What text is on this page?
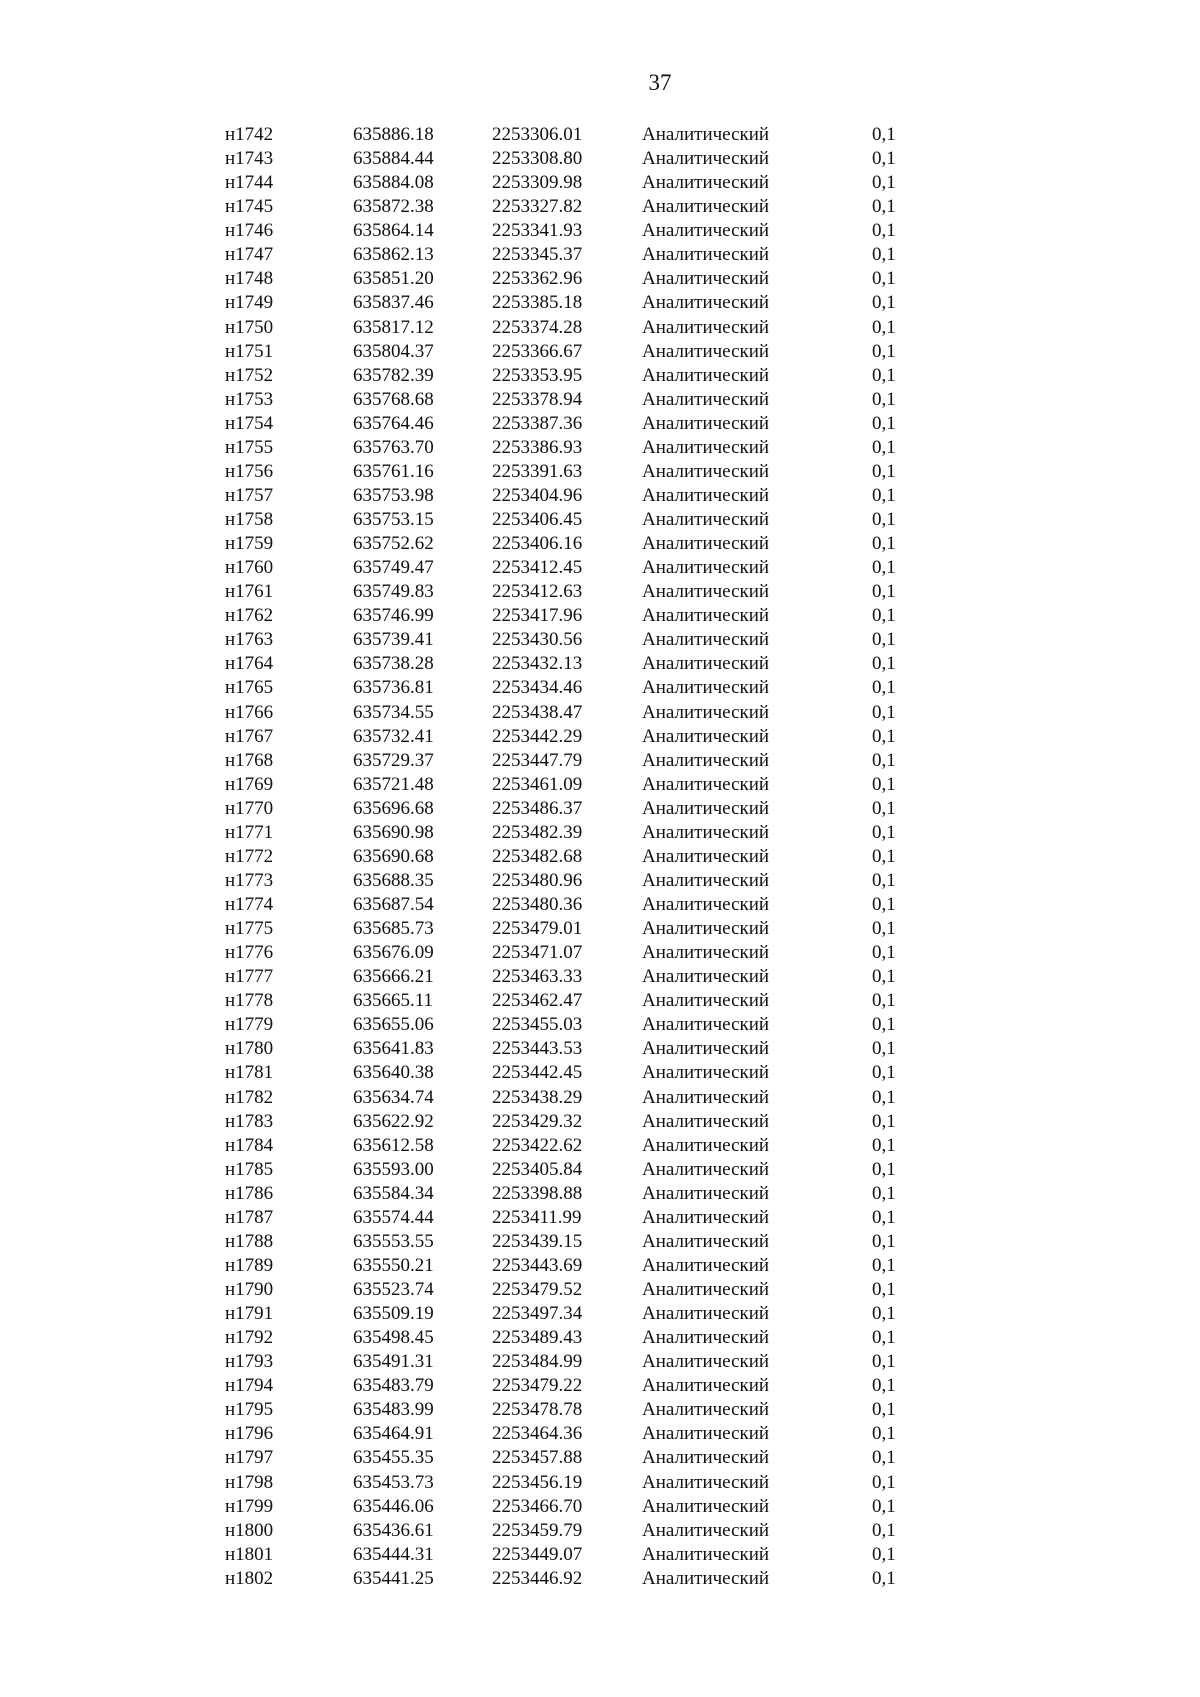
37
н1742	635886.18	2253306.01	Аналитический	0,1
н1743	635884.44	2253308.80	Аналитический	0,1
н1744	635884.08	2253309.98	Аналитический	0,1
н1745	635872.38	2253327.82	Аналитический	0,1
н1746	635864.14	2253341.93	Аналитический	0,1
н1747	635862.13	2253345.37	Аналитический	0,1
н1748	635851.20	2253362.96	Аналитический	0,1
н1749	635837.46	2253385.18	Аналитический	0,1
н1750	635817.12	2253374.28	Аналитический	0,1
н1751	635804.37	2253366.67	Аналитический	0,1
н1752	635782.39	2253353.95	Аналитический	0,1
н1753	635768.68	2253378.94	Аналитический	0,1
н1754	635764.46	2253387.36	Аналитический	0,1
н1755	635763.70	2253386.93	Аналитический	0,1
н1756	635761.16	2253391.63	Аналитический	0,1
н1757	635753.98	2253404.96	Аналитический	0,1
н1758	635753.15	2253406.45	Аналитический	0,1
н1759	635752.62	2253406.16	Аналитический	0,1
н1760	635749.47	2253412.45	Аналитический	0,1
н1761	635749.83	2253412.63	Аналитический	0,1
н1762	635746.99	2253417.96	Аналитический	0,1
н1763	635739.41	2253430.56	Аналитический	0,1
н1764	635738.28	2253432.13	Аналитический	0,1
н1765	635736.81	2253434.46	Аналитический	0,1
н1766	635734.55	2253438.47	Аналитический	0,1
н1767	635732.41	2253442.29	Аналитический	0,1
н1768	635729.37	2253447.79	Аналитический	0,1
н1769	635721.48	2253461.09	Аналитический	0,1
н1770	635696.68	2253486.37	Аналитический	0,1
н1771	635690.98	2253482.39	Аналитический	0,1
н1772	635690.68	2253482.68	Аналитический	0,1
н1773	635688.35	2253480.96	Аналитический	0,1
н1774	635687.54	2253480.36	Аналитический	0,1
н1775	635685.73	2253479.01	Аналитический	0,1
н1776	635676.09	2253471.07	Аналитический	0,1
н1777	635666.21	2253463.33	Аналитический	0,1
н1778	635665.11	2253462.47	Аналитический	0,1
н1779	635655.06	2253455.03	Аналитический	0,1
н1780	635641.83	2253443.53	Аналитический	0,1
н1781	635640.38	2253442.45	Аналитический	0,1
н1782	635634.74	2253438.29	Аналитический	0,1
н1783	635622.92	2253429.32	Аналитический	0,1
н1784	635612.58	2253422.62	Аналитический	0,1
н1785	635593.00	2253405.84	Аналитический	0,1
н1786	635584.34	2253398.88	Аналитический	0,1
н1787	635574.44	2253411.99	Аналитический	0,1
н1788	635553.55	2253439.15	Аналитический	0,1
н1789	635550.21	2253443.69	Аналитический	0,1
н1790	635523.74	2253479.52	Аналитический	0,1
н1791	635509.19	2253497.34	Аналитический	0,1
н1792	635498.45	2253489.43	Аналитический	0,1
н1793	635491.31	2253484.99	Аналитический	0,1
н1794	635483.79	2253479.22	Аналитический	0,1
н1795	635483.99	2253478.78	Аналитический	0,1
н1796	635464.91	2253464.36	Аналитический	0,1
н1797	635455.35	2253457.88	Аналитический	0,1
н1798	635453.73	2253456.19	Аналитический	0,1
н1799	635446.06	2253466.70	Аналитический	0,1
н1800	635436.61	2253459.79	Аналитический	0,1
н1801	635444.31	2253449.07	Аналитический	0,1
н1802	635441.25	2253446.92	Аналитический	0,1
